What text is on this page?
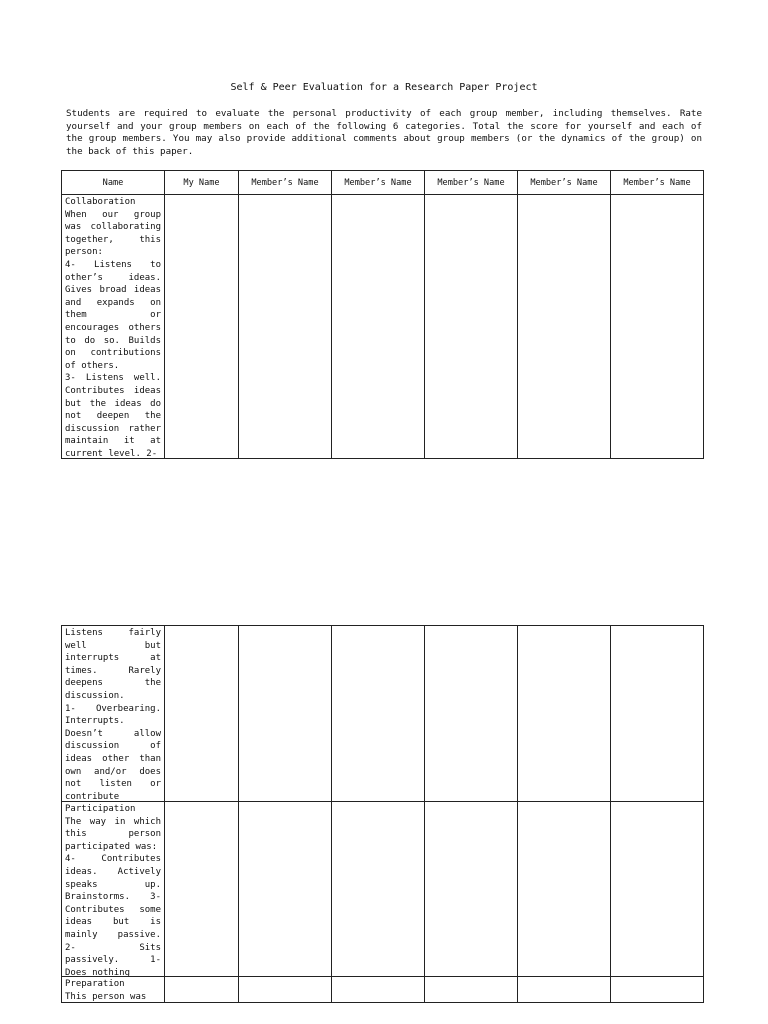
Self & Peer Evaluation for a Research Paper Project
Students are required to evaluate the personal productivity of each group member, including themselves. Rate yourself and your group members on each of the following 6 categories. Total the score for yourself and each of the group members. You may also provide additional comments about group members (or the dynamics of the group) on the back of this paper.
Name	My Name	Member’s Name	Member’s Name	Member’s Name	Member’s Name	Member’s Name

Collaboration
When our group was collaborating together, this person:
4- Listens to other’s ideas. Gives broad ideas and expands on them or encourages others to do so. Builds on contributions of others.
3- Listens well. Contributes ideas but the ideas do not deepen the discussion rather maintain it at current level. 2-						

Listens fairly well but interrupts at times. Rarely deepens the discussion.
1- Overbearing. Interrupts. Doesn’t allow discussion of ideas other than own and/or does not listen or contribute						

Participation
The way in which this person participated was:
4- Contributes ideas. Actively speaks up. Brainstorms. 3- Contributes some ideas but is mainly passive. 2- Sits passively. 1- Does nothing						

Preparation
This person was						
